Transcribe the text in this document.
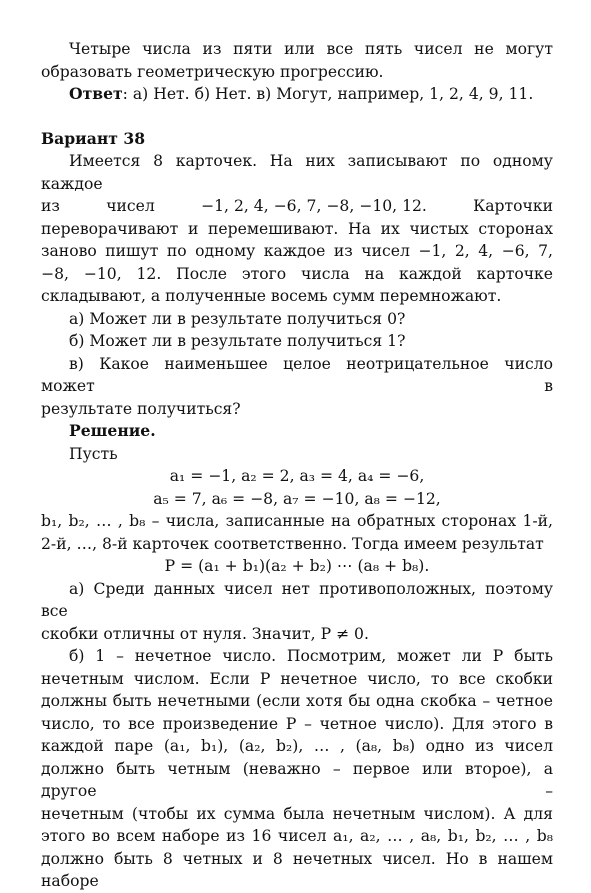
Четыре числа из пяти или все пять чисел не могут

образовать геометрическую прогрессию.

Ответ: а) Нет. б) Нет. в) Могут, например, 1, 2, 4, 9, 11.

Вариант 38

Имеется 8 карточек. На них записывают по одному каждое

из	чисел	−1, 2, 4, −6, 7, −8, −10, 12.	Карточки

переворачивают и перемешивают. На их чистых сторонах

заново пишут по одному каждое из чисел −1, 2, 4, −6, 7,

−8, −10, 12. После этого числа на каждой карточке

складывают, а полученные восемь сумм перемножают.

а) Может ли в результате получиться 0?

б) Может ли в результате получиться 1?

в) Какое наименьшее целое неотрицательное число может в

результате получиться?

Решение.

Пусть

a₁ = −1, a₂ = 2, a₃ = 4, a₄ = −6,

a₅ = 7, a₆ = −8, a₇ = −10, a₈ = −12,

b₁, b₂, … , b₈ – числа, записанные на обратных сторонах 1-й,

2-й, …, 8-й карточек соответственно. Тогда имеем результат

P = (a₁ + b₁)(a₂ + b₂) ⋯ (a₈ + b₈).

а) Среди данных чисел нет противоположных, поэтому все

скобки отличны от нуля. Значит, P ≠ 0.

б) 1 – нечетное число. Посмотрим, может ли P быть

нечетным числом. Если P нечетное число, то все скобки

должны быть нечетными (если хотя бы одна скобка – четное

число, то все произведение P – четное число). Для этого в

каждой паре (a₁, b₁), (a₂, b₂), … , (a₈, b₈) одно из чисел

должно быть четным (неважно – первое или второе), а другое –

нечетным (чтобы их сумма была нечетным числом). А для

этого во всем наборе из 16 чисел a₁, a₂, … , a₈, b₁, b₂, … , b₈

должно быть 8 четных и 8 нечетных чисел. Но в нашем наборе
